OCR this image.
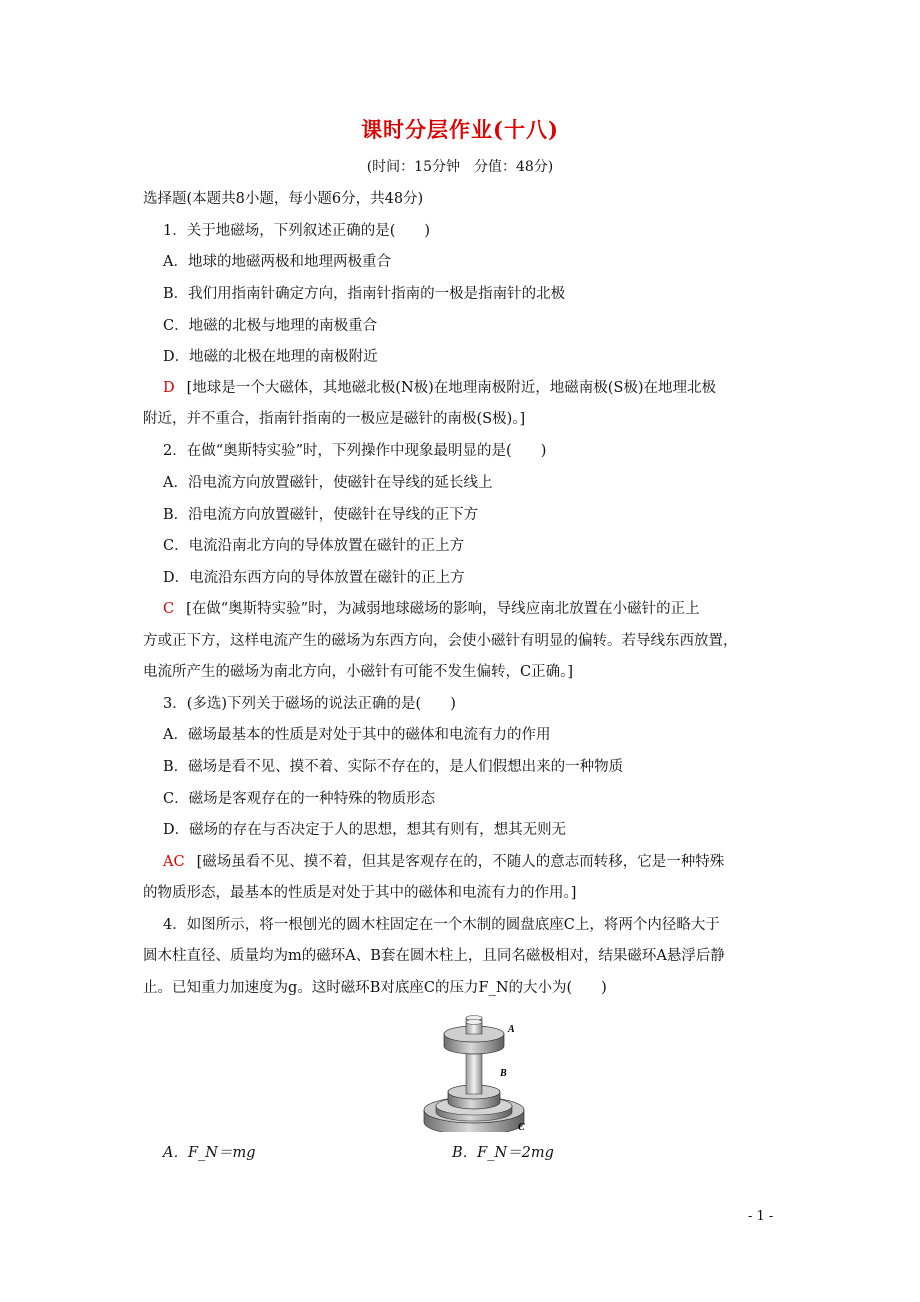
课时分层作业(十八)
(时间：15分钟　分值：48分)
选择题(本题共8小题，每小题6分，共48分)
1．关于地磁场，下列叙述正确的是(　　)
A．地球的地磁两极和地理两极重合
B．我们用指南针确定方向，指南针指南的一极是指南针的北极
C．地磁的北极与地理的南极重合
D．地磁的北极在地理的南极附近
D [地球是一个大磁体，其地磁北极(N极)在地理南极附近，地磁南极(S极)在地理北极
附近，并不重合，指南针指南的一极应是磁针的南极(S极)。]
2．在做“奥斯特实验”时，下列操作中现象最明显的是(　　)
A．沿电流方向放置磁针，使磁针在导线的延长线上
B．沿电流方向放置磁针，使磁针在导线的正下方
C．电流沿南北方向的导体放置在磁针的正上方
D．电流沿东西方向的导体放置在磁针的正上方
C [在做“奥斯特实验”时，为减弱地球磁场的影响，导线应南北放置在小磁针的正上
方或正下方，这样电流产生的磁场为东西方向，会使小磁针有明显的偏转。若导线东西放置，
电流所产生的磁场为南北方向，小磁针有可能不发生偏转，C正确。]
3．(多选)下列关于磁场的说法正确的是(　　)
A．磁场最基本的性质是对处于其中的磁体和电流有力的作用
B．磁场是看不见、摸不着、实际不存在的，是人们假想出来的一种物质
C．磁场是客观存在的一种特殊的物质形态
D．磁场的存在与否决定于人的思想，想其有则有，想其无则无
AC [磁场虽看不见、摸不着，但其是客观存在的，不随人的意志而转移，它是一种特殊
的物质形态，最基本的性质是对处于其中的磁体和电流有力的作用。]
4．如图所示，将一根刨光的圆木柱固定在一个木制的圆盘底座C上，将两个内径略大于
圆木柱直径、质量均为m的磁环A、B套在圆木柱上，且同名磁极相对，结果磁环A悬浮后静
止。已知重力加速度为g。这时磁环B对底座C的压力F_N的大小为(　　)
A
B
C
A．F_N＝mg	B．F_N＝2mg
- 1 -
